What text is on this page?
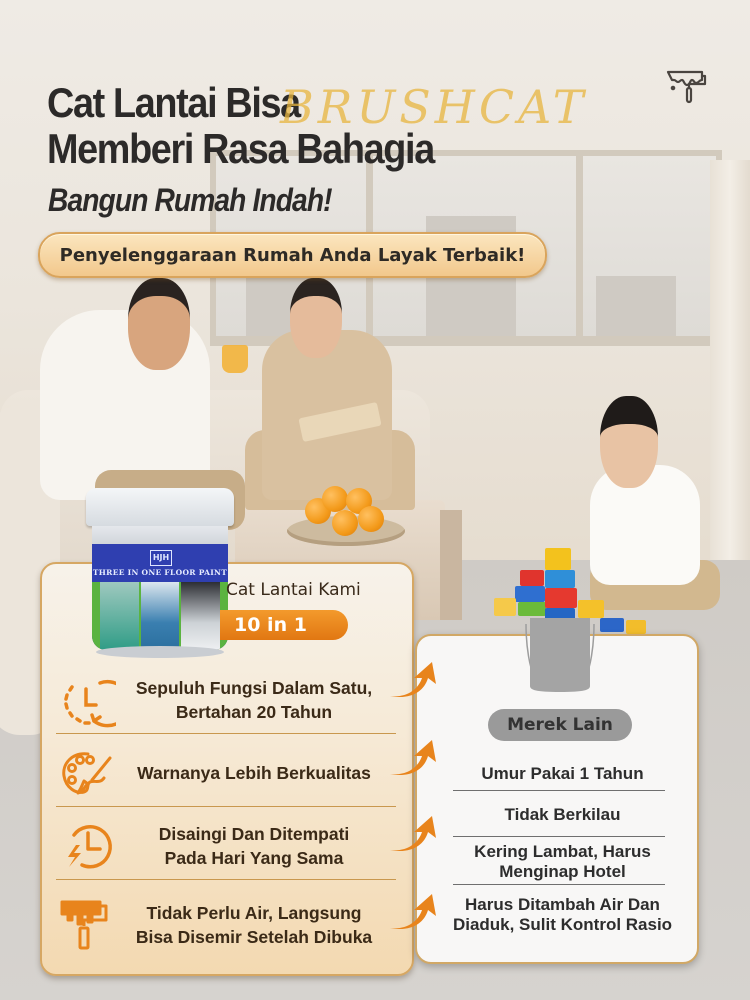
Cat Lantai Bisa
Memberi Rasa Bahagia
BRUSHCAT
Bangun Rumah Indah!
Penyelenggaraan Rumah Anda Layak Terbaik!
HJH
THREE IN ONE FLOOR PAINT
Cat Lantai Kami
10 in 1
Sepuluh Fungsi Dalam Satu,
Bertahan 20 Tahun
Warnanya Lebih Berkualitas
Disaingi Dan Ditempati
Pada Hari Yang Sama
Tidak Perlu Air, Langsung
Bisa Disemir Setelah Dibuka
Merek Lain
Umur Pakai 1 Tahun
Tidak Berkilau
Kering Lambat, Harus
Menginap Hotel
Harus Ditambah Air Dan
Diaduk, Sulit Kontrol Rasio
